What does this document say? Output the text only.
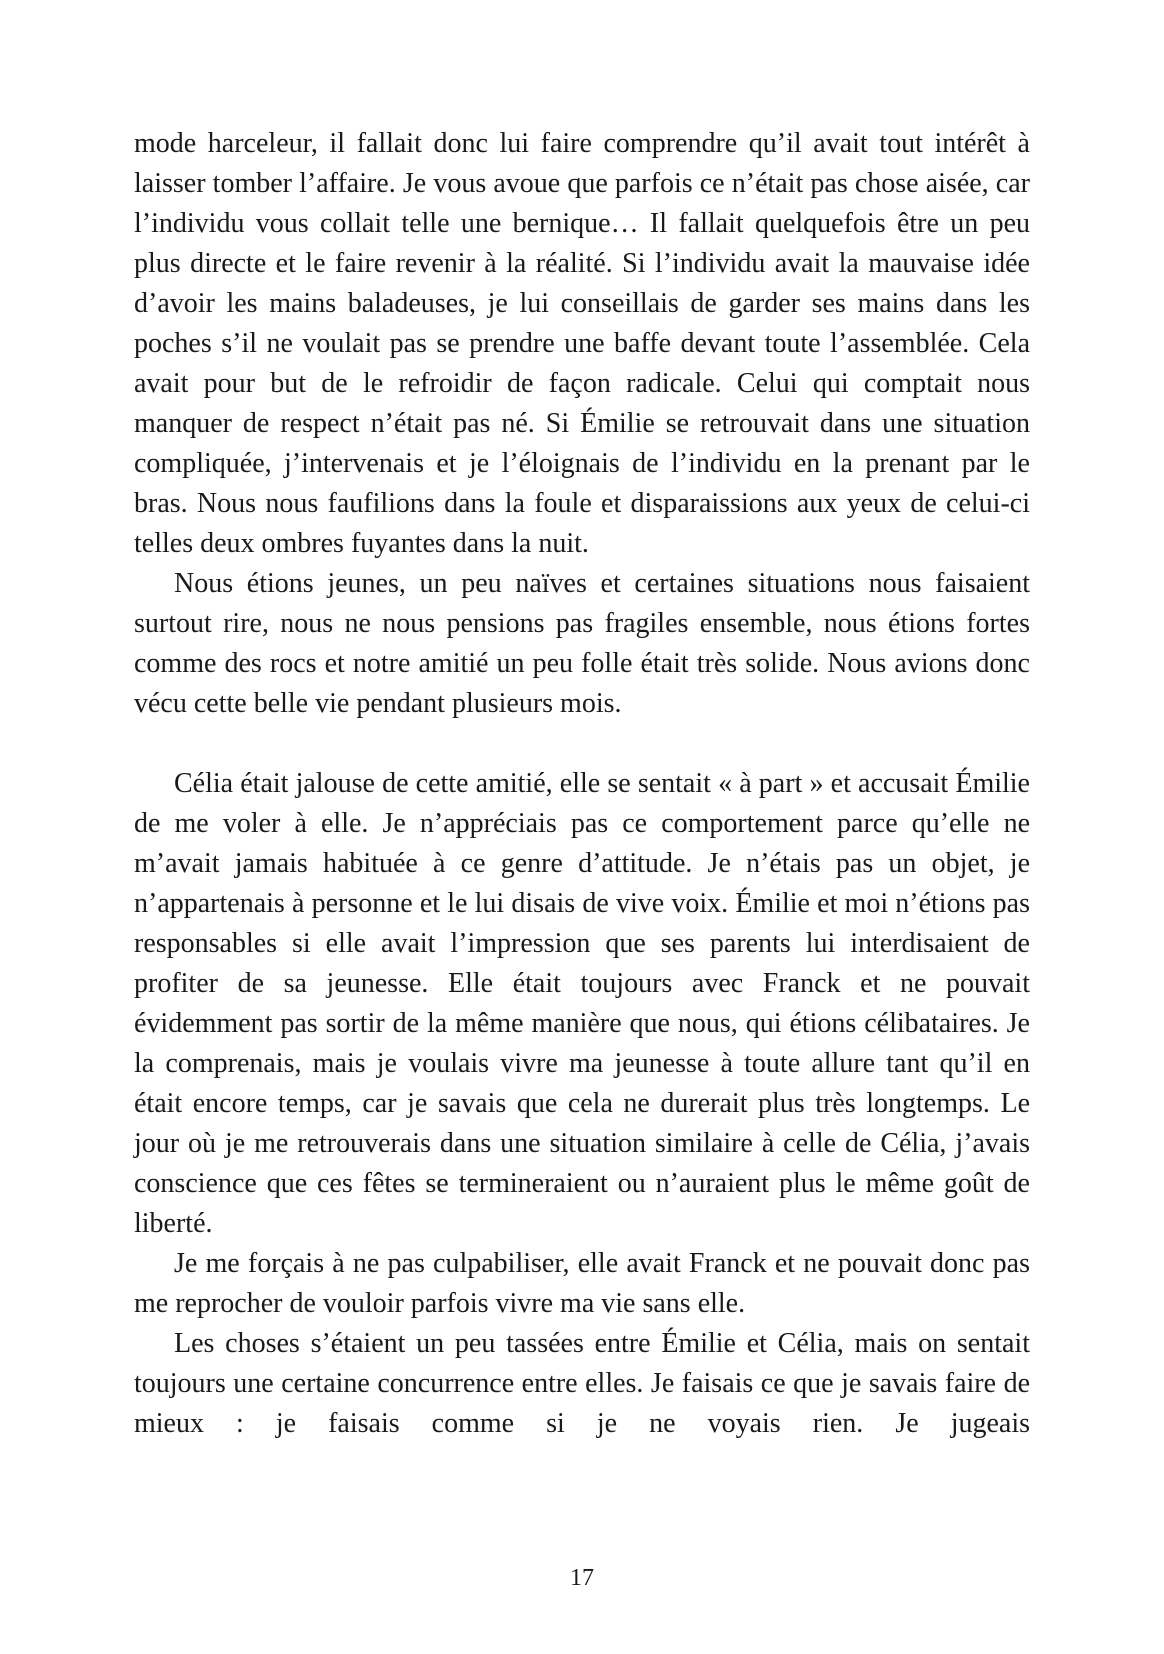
mode harceleur, il fallait donc lui faire comprendre qu’il avait tout intérêt à laisser tomber l’affaire. Je vous avoue que parfois ce n’était pas chose aisée, car l’individu vous collait telle une bernique… Il fallait quelquefois être un peu plus directe et le faire revenir à la réalité. Si l’individu avait la mauvaise idée d’avoir les mains baladeuses, je lui conseillais de garder ses mains dans les poches s’il ne voulait pas se prendre une baffe devant toute l’assemblée. Cela avait pour but de le refroidir de façon radicale. Celui qui comptait nous manquer de respect n’était pas né. Si Émilie se retrouvait dans une situation compliquée, j’intervenais et je l’éloignais de l’individu en la prenant par le bras. Nous nous faufilions dans la foule et disparaissions aux yeux de celui-ci telles deux ombres fuyantes dans la nuit.

Nous étions jeunes, un peu naïves et certaines situations nous faisaient surtout rire, nous ne nous pensions pas fragiles ensemble, nous étions fortes comme des rocs et notre amitié un peu folle était très solide. Nous avions donc vécu cette belle vie pendant plusieurs mois.

Célia était jalouse de cette amitié, elle se sentait « à part » et accusait Émilie de me voler à elle. Je n’appréciais pas ce comportement parce qu’elle ne m’avait jamais habituée à ce genre d’attitude. Je n’étais pas un objet, je n’appartenais à personne et le lui disais de vive voix. Émilie et moi n’étions pas responsables si elle avait l’impression que ses parents lui interdisaient de profiter de sa jeunesse. Elle était toujours avec Franck et ne pouvait évidemment pas sortir de la même manière que nous, qui étions célibataires. Je la comprenais, mais je voulais vivre ma jeunesse à toute allure tant qu’il en était encore temps, car je savais que cela ne durerait plus très longtemps. Le jour où je me retrouverais dans une situation similaire à celle de Célia, j’avais conscience que ces fêtes se termineraient ou n’auraient plus le même goût de liberté.

Je me forçais à ne pas culpabiliser, elle avait Franck et ne pouvait donc pas me reprocher de vouloir parfois vivre ma vie sans elle.

Les choses s’étaient un peu tassées entre Émilie et Célia, mais on sentait toujours une certaine concurrence entre elles. Je faisais ce que je savais faire de mieux : je faisais comme si je ne voyais rien. Je jugeais

17
